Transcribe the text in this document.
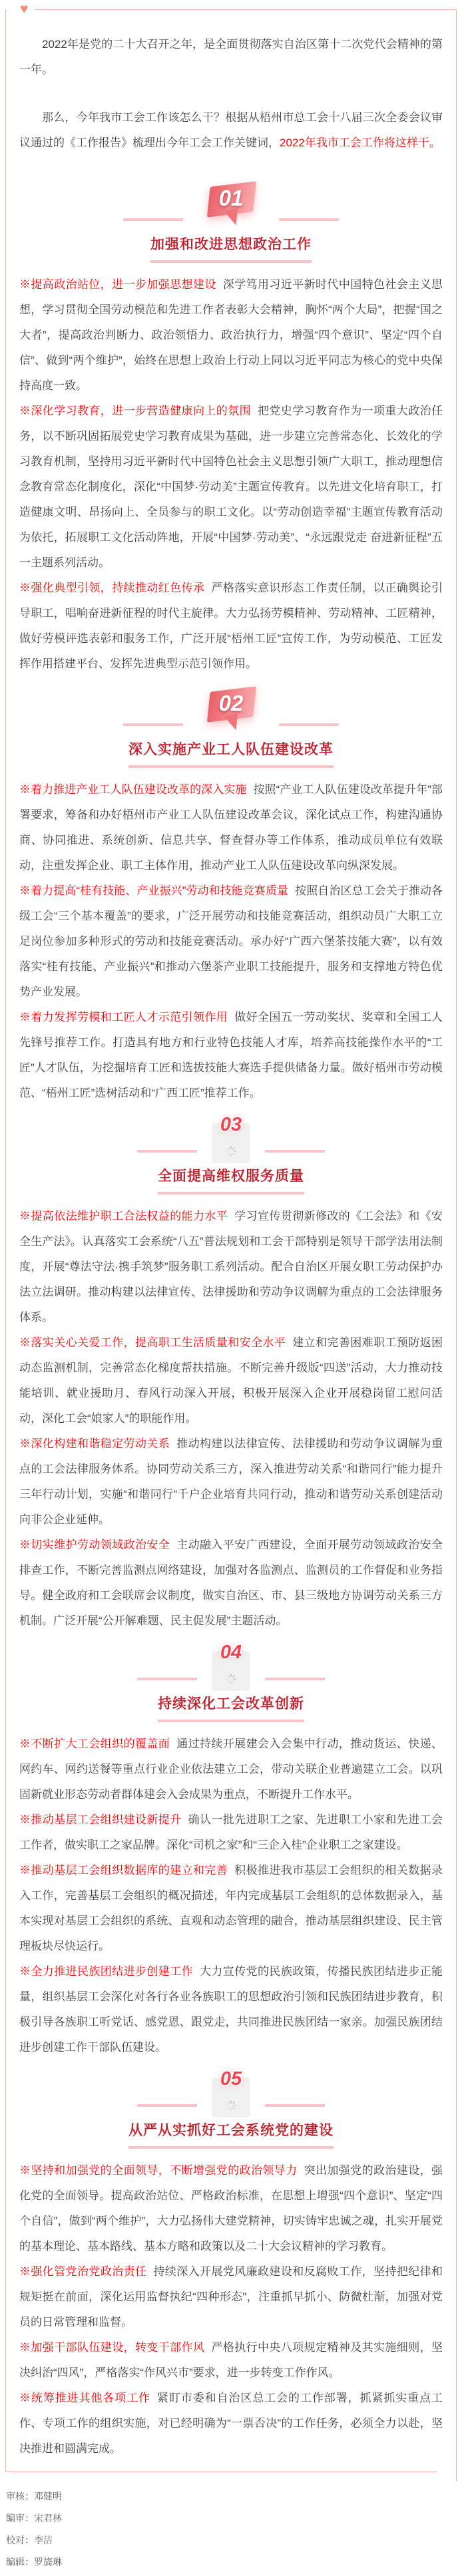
♥

2022年是党的二十大召开之年，是全面贯彻落实自治区第十二次党代会精神的第一年。

那么，今年我市工会工作该怎么干？根据从梧州市总工会十八届三次全委会议审议通过的《工作报告》梳理出今年工会工作关键词，2022年我市工会工作将这样干。

01
加强和改进思想政治工作

※提高政治站位，进一步加强思想建设 深学笃用习近平新时代中国特色社会主义思想，学习贯彻全国劳动模范和先进工作者表彰大会精神，胸怀“两个大局”，把握“国之大者”，提高政治判断力、政治领悟力、政治执行力，增强“四个意识”、坚定“四个自信”、做到“两个维护”，始终在思想上政治上行动上同以习近平同志为核心的党中央保持高度一致。

※深化学习教育，进一步营造健康向上的氛围 把党史学习教育作为一项重大政治任务，以不断巩固拓展党史学习教育成果为基础，进一步建立完善常态化、长效化的学习教育机制，坚持用习近平新时代中国特色社会主义思想引领广大职工，推动理想信念教育常态化制度化，深化“中国梦·劳动美”主题宣传教育。以先进文化培育职工，打造健康文明、昂扬向上、全员参与的职工文化。以“劳动创造幸福”主题宣传教育活动为依托，拓展职工文化活动阵地，开展“中国梦·劳动美”、“永远跟党走 奋进新征程”五一主题系列活动。

※强化典型引领，持续推动红色传承 严格落实意识形态工作责任制，以正确舆论引导职工，唱响奋进新征程的时代主旋律。大力弘扬劳模精神、劳动精神、工匠精神，做好劳模评选表彰和服务工作，广泛开展“梧州工匠”宣传工作，为劳动模范、工匠发挥作用搭建平台、发挥先进典型示范引领作用。

02
深入实施产业工人队伍建设改革

※着力推进产业工人队伍建设改革的深入实施 按照“产业工人队伍建设改革提升年”部署要求，筹备和办好梧州市产业工人队伍建设改革会议，深化试点工作，构建沟通协商、协同推进、系统创新、信息共享、督查督办等工作体系，推动成员单位有效联动，注重发挥企业、职工主体作用，推动产业工人队伍建设改革向纵深发展。

※着力提高“桂有技能、产业振兴”劳动和技能竞赛质量 按照自治区总工会关于推动各级工会“三个基本覆盖”的要求，广泛开展劳动和技能竞赛活动，组织动员广大职工立足岗位参加多种形式的劳动和技能竞赛活动。承办好“广西六堡茶技能大赛”，以有效落实“桂有技能、产业振兴”和推动六堡茶产业职工技能提升，服务和支撑地方特色优势产业发展。

※着力发挥劳模和工匠人才示范引领作用 做好全国五一劳动奖状、奖章和全国工人先锋号推荐工作。打造具有地方和行业特色技能人才库，培养高技能操作水平的“工匠”人才队伍，为挖掘培育工匠和选拔技能大赛选手提供储备力量。做好梧州市劳动模范、“梧州工匠”选树活动和“广西工匠”推荐工作。

03
全面提高维权服务质量

※提高依法维护职工合法权益的能力水平 学习宣传贯彻新修改的《工会法》和《安全生产法》。认真落实工会系统“八五”普法规划和工会干部特别是领导干部学法用法制度，开展“尊法守法·携手筑梦”服务职工系列活动。配合自治区开展女职工劳动保护办法立法调研。推动构建以法律宣传、法律援助和劳动争议调解为重点的工会法律服务体系。

※落实关心关爱工作，提高职工生活质量和安全水平 建立和完善困难职工预防返困动态监测机制，完善常态化梯度帮扶措施。不断完善升级版“四送”活动，大力推动技能培训、就业援助月、春风行动深入开展，积极开展深入企业开展稳岗留工慰问活动，深化工会“娘家人”的职能作用。

※深化构建和谐稳定劳动关系 推动构建以法律宣传、法律援助和劳动争议调解为重点的工会法律服务体系。协同劳动关系三方，深入推进劳动关系“和谐同行”能力提升三年行动计划，实施“和谐同行”千户企业培育共同行动，推动和谐劳动关系创建活动向非公企业延伸。

※切实维护劳动领域政治安全 主动融入平安广西建设，全面开展劳动领域政治安全排查工作，不断完善监测点网络建设，加强对各监测点、监测员的工作督促和业务指导。健全政府和工会联席会议制度，做实自治区、市、县三级地方协调劳动关系三方机制。广泛开展“公开解难题、民主促发展”主题活动。

04
持续深化工会改革创新

※不断扩大工会组织的覆盖面 通过持续开展建会入会集中行动，推动货运、快递、网约车、网约送餐等重点行业企业依法建立工会，带动关联企业普遍建立工会。以巩固新就业形态劳动者群体建会入会成果为重点，不断提升工作水平。

※推动基层工会组织建设新提升 确认一批先进职工之家、先进职工小家和先进工会工作者，做实职工之家品牌。深化“司机之家”和“三企入桂”企业职工之家建设。

※推动基层工会组织数据库的建立和完善 积极推进我市基层工会组织的相关数据录入工作，完善基层工会组织的概况描述，年内完成基层工会组织的总体数据录入，基本实现对基层工会组织的系统、直观和动态管理的融合，推动基层组织建设、民主管理板块尽快运行。

※全力推进民族团结进步创建工作 大力宣传党的民族政策，传播民族团结进步正能量，组织基层工会深化对各行各业各族职工的思想政治引领和民族团结进步教育，积极引导各族职工听党话、感党恩、跟党走，共同推进民族团结一家亲。加强民族团结进步创建工作干部队伍建设。

05
从严从实抓好工会系统党的建设

※坚持和加强党的全面领导，不断增强党的政治领导力 突出加强党的政治建设，强化党的全面领导。提高政治站位、严格政治标准，在思想上增强“四个意识”、坚定“四个自信”，做到“两个维护”，大力弘扬伟大建党精神，切实铸牢忠诚之魂，扎实开展党的基本理论、基本路线、基本方略和政策以及二十大会议精神的学习教育。

※强化管党治党政治责任 持续深入开展党风廉政建设和反腐败工作，坚持把纪律和规矩挺在前面，深化运用监督执纪“四种形态”，注重抓早抓小、防微杜渐，加强对党员的日常管理和监督。

※加强干部队伍建设，转变干部作风 严格执行中央八项规定精神及其实施细则，坚决纠治“四风”，严格落实“作风兴市”要求，进一步转变工作作风。

※统筹推进其他各项工作 紧盯市委和自治区总工会的工作部署，抓紧抓实重点工作、专项工作的组织实施，对已经明确为“一票否决”的工作任务，必须全力以赴，坚决推进和圆满完成。

审核：邓健明

编审：宋君林

校对：李洁

编辑：罗旖琳
